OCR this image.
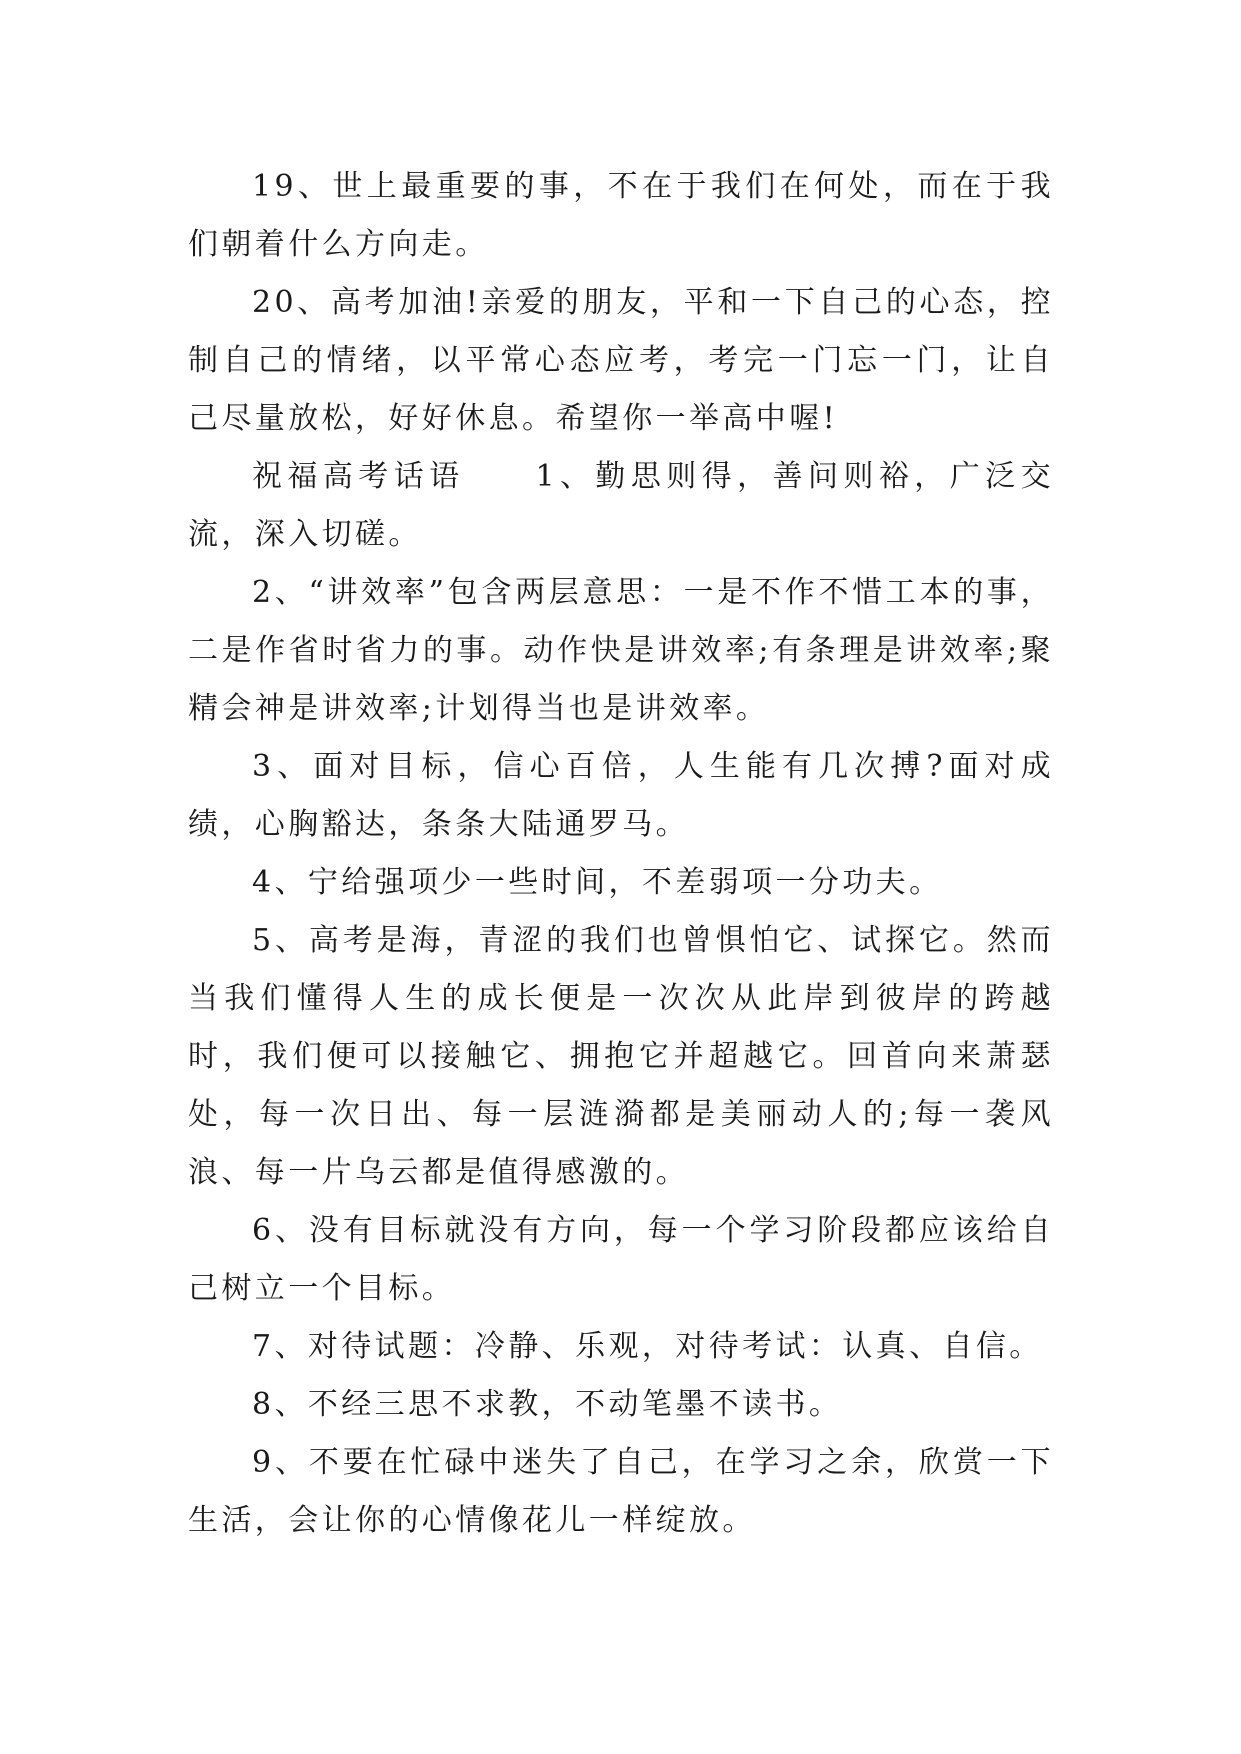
19、世上最重要的事，不在于我们在何处，而在于我们朝着什么方向走。

20、高考加油!亲爱的朋友，平和一下自己的心态，控制自己的情绪，以平常心态应考，考完一门忘一门，让自己尽量放松，好好休息。希望你一举高中喔!

祝福高考话语　　1、勤思则得，善问则裕，广泛交流，深入切磋。

2、“讲效率”包含两层意思：一是不作不惜工本的事，二是作省时省力的事。动作快是讲效率;有条理是讲效率;聚精会神是讲效率;计划得当也是讲效率。

3、面对目标，信心百倍，人生能有几次搏?面对成绩，心胸豁达，条条大陆通罗马。

4、宁给强项少一些时间，不差弱项一分功夫。

5、高考是海，青涩的我们也曾惧怕它、试探它。然而当我们懂得人生的成长便是一次次从此岸到彼岸的跨越时，我们便可以接触它、拥抱它并超越它。回首向来萧瑟处，每一次日出、每一层涟漪都是美丽动人的;每一袭风浪、每一片乌云都是值得感激的。

6、没有目标就没有方向，每一个学习阶段都应该给自己树立一个目标。

7、对待试题：冷静、乐观，对待考试：认真、自信。

8、不经三思不求教，不动笔墨不读书。

9、不要在忙碌中迷失了自己，在学习之余，欣赏一下生活，会让你的心情像花儿一样绽放。
